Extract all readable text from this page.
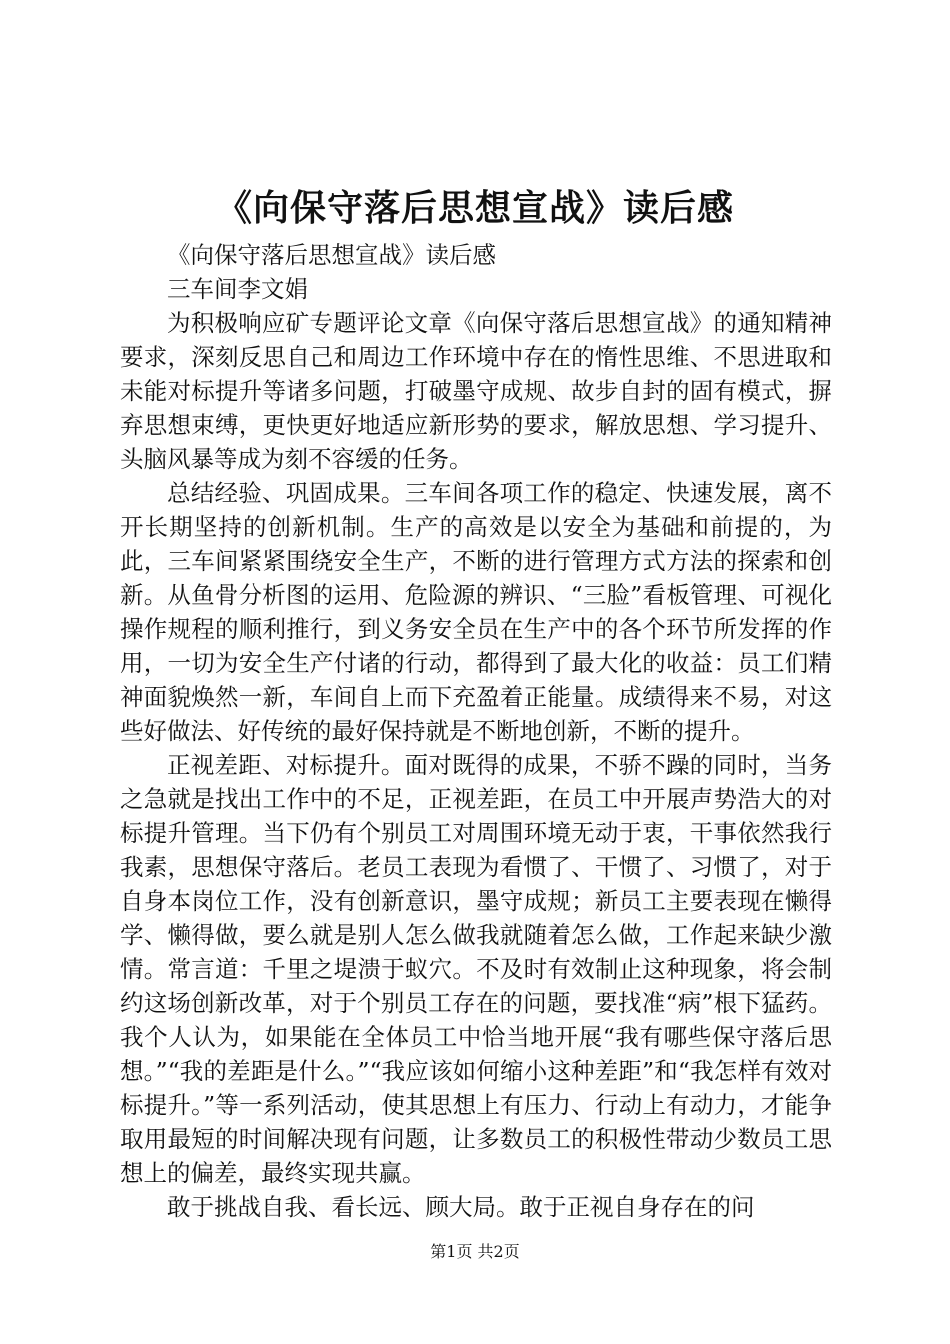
《向保守落后思想宣战》读后感

《向保守落后思想宣战》读后感

三车间李文娟

为积极响应矿专题评论文章《向保守落后思想宣战》的通知精神要求，深刻反思自己和周边工作环境中存在的惰性思维、不思进取和未能对标提升等诸多问题，打破墨守成规、故步自封的固有模式，摒弃思想束缚，更快更好地适应新形势的要求，解放思想、学习提升、头脑风暴等成为刻不容缓的任务。

总结经验、巩固成果。三车间各项工作的稳定、快速发展，离不开长期坚持的创新机制。生产的高效是以安全为基础和前提的，为此，三车间紧紧围绕安全生产，不断的进行管理方式方法的探索和创新。从鱼骨分析图的运用、危险源的辨识、“三脸”看板管理、可视化操作规程的顺利推行，到义务安全员在生产中的各个环节所发挥的作用，一切为安全生产付诸的行动，都得到了最大化的收益：员工们精神面貌焕然一新，车间自上而下充盈着正能量。成绩得来不易，对这些好做法、好传统的最好保持就是不断地创新，不断的提升。

正视差距、对标提升。面对既得的成果，不骄不躁的同时，当务之急就是找出工作中的不足，正视差距，在员工中开展声势浩大的对标提升管理。当下仍有个别员工对周围环境无动于衷，干事依然我行我素，思想保守落后。老员工表现为看惯了、干惯了、习惯了，对于自身本岗位工作，没有创新意识，墨守成规；新员工主要表现在懒得学、懒得做，要么就是别人怎么做我就随着怎么做，工作起来缺少激情。常言道：千里之堤溃于蚁穴。不及时有效制止这种现象，将会制约这场创新改革，对于个别员工存在的问题，要找准“病”根下猛药。我个人认为，如果能在全体员工中恰当地开展“我有哪些保守落后思想。”“我的差距是什么。”“我应该如何缩小这种差距”和“我怎样有效对标提升。”等一系列活动，使其思想上有压力、行动上有动力，才能争取用最短的时间解决现有问题，让多数员工的积极性带动少数员工思想上的偏差，最终实现共赢。

敢于挑战自我、看长远、顾大局。敢于正视自身存在的问

第1页 共2页
